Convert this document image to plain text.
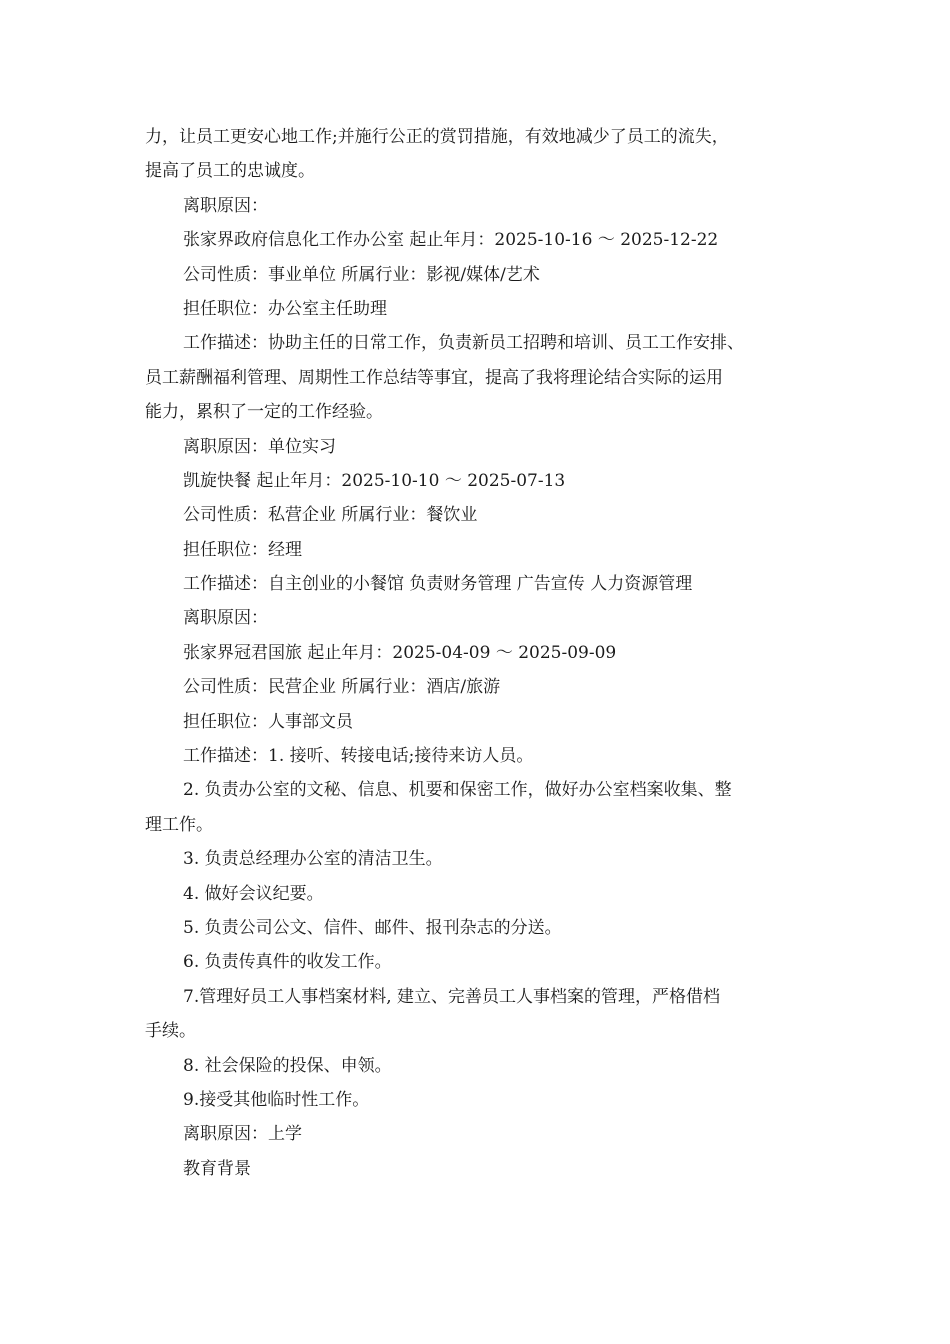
力，让员工更安心地工作;并施行公正的赏罚措施，有效地减少了员工的流失，
提高了员工的忠诚度。
离职原因：
张家界政府信息化工作办公室 起止年月：2025-10-16 ～ 2025-12-22
公司性质：事业单位 所属行业：影视/媒体/艺术
担任职位：办公室主任助理
工作描述：协助主任的日常工作，负责新员工招聘和培训、员工工作安排、
员工薪酬福利管理、周期性工作总结等事宜，提高了我将理论结合实际的运用
能力，累积了一定的工作经验。
离职原因：单位实习
凯旋快餐 起止年月：2025-10-10 ～ 2025-07-13
公司性质：私营企业 所属行业：餐饮业
担任职位：经理
工作描述：自主创业的小餐馆 负责财务管理 广告宣传 人力资源管理
离职原因：
张家界冠君国旅 起止年月：2025-04-09 ～ 2025-09-09
公司性质：民营企业 所属行业：酒店/旅游
担任职位：人事部文员
工作描述：1. 接听、转接电话;接待来访人员。
2. 负责办公室的文秘、信息、机要和保密工作，做好办公室档案收集、整
理工作。
3. 负责总经理办公室的清洁卫生。
4. 做好会议纪要。
5. 负责公司公文、信件、邮件、报刊杂志的分送。
6. 负责传真件的收发工作。
7.管理好员工人事档案材料, 建立、完善员工人事档案的管理，严格借档
手续。
8. 社会保险的投保、申领。
9.接受其他临时性工作。
离职原因：上学
教育背景
